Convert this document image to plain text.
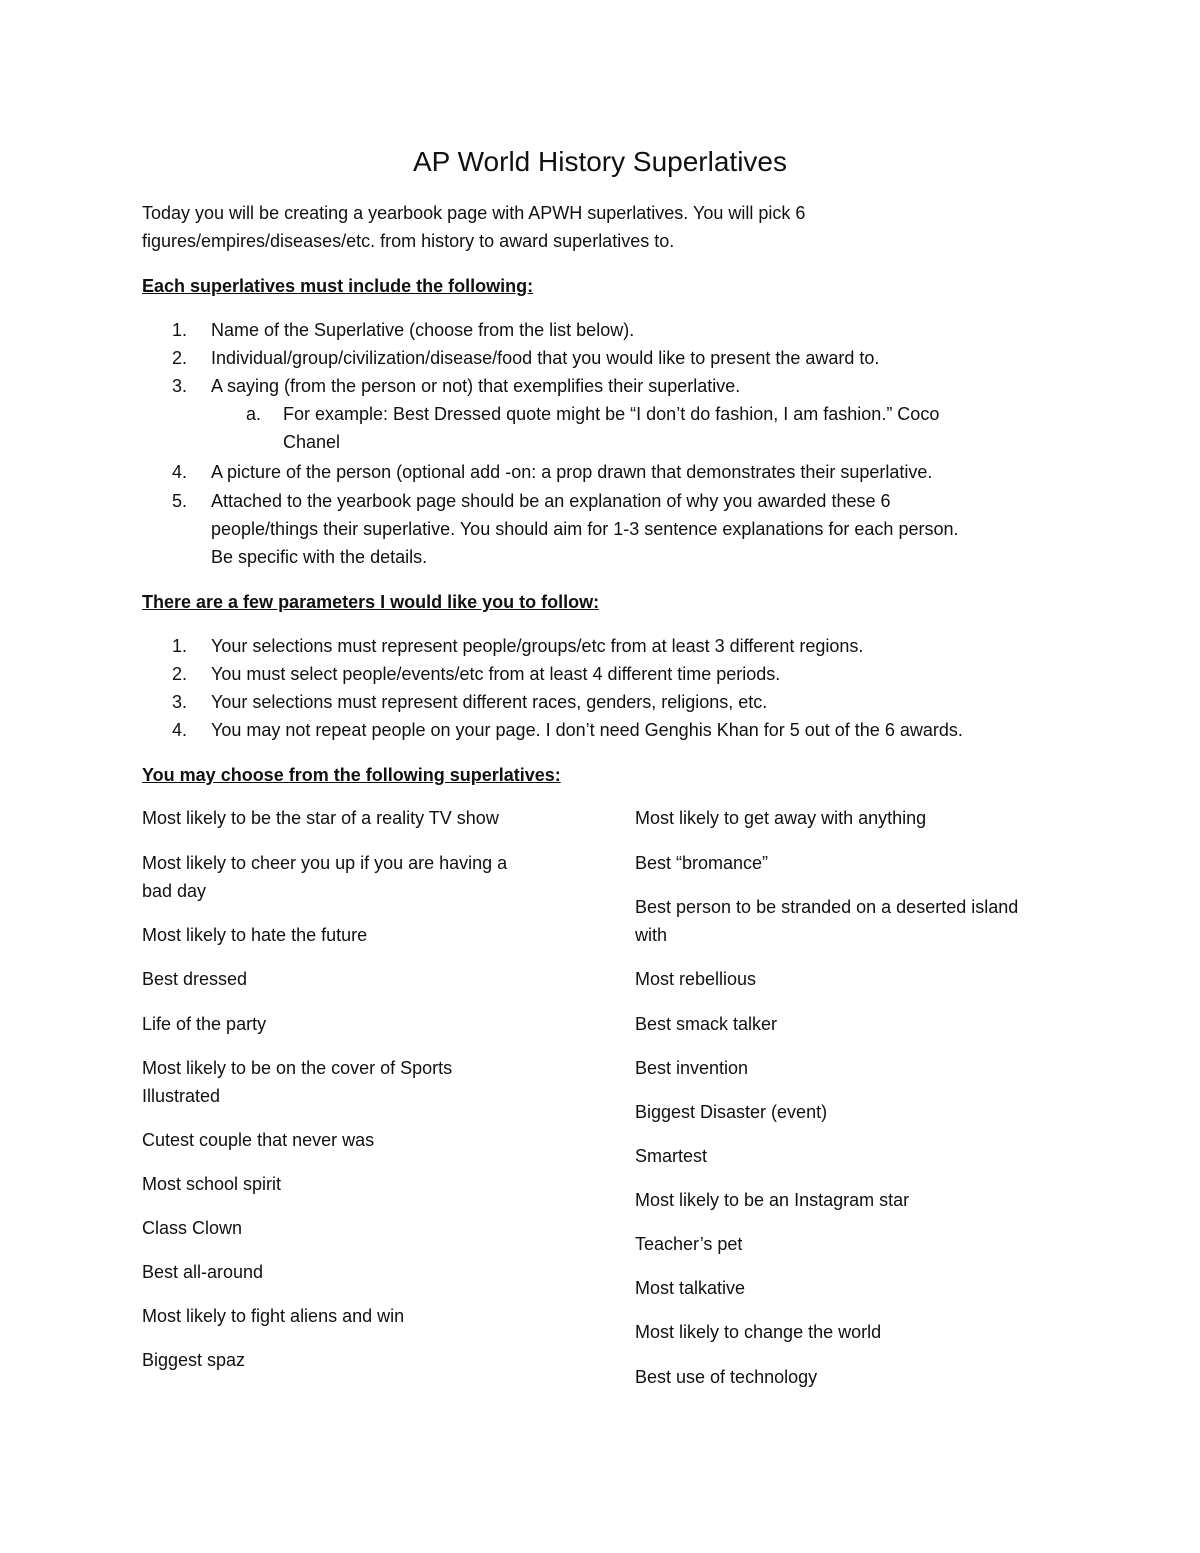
AP World History Superlatives
Today you will be creating a yearbook page with APWH superlatives. You will pick 6
figures/empires/diseases/etc. from history to award superlatives to.
Each superlatives must include the following:
1. Name of the Superlative (choose from the list below).
2. Individual/group/civilization/disease/food that you would like to present the award to.
3. A saying (from the person or not) that exemplifies their superlative.
a. For example: Best Dressed quote might be “I don’t do fashion, I am fashion.” Coco
Chanel
4. A picture of the person (optional add -on: a prop drawn that demonstrates their superlative.
5. Attached to the yearbook page should be an explanation of why you awarded these 6
people/things their superlative. You should aim for 1-3 sentence explanations for each person.
Be specific with the details.
There are a few parameters I would like you to follow:
1. Your selections must represent people/groups/etc from at least 3 different regions.
2. You must select people/events/etc from at least 4 different time periods.
3. Your selections must represent different races, genders, religions, etc.
4. You may not repeat people on your page. I don’t need Genghis Khan for 5 out of the 6 awards.
You may choose from the following superlatives:
Most likely to be the star of a reality TV show
Most likely to cheer you up if you are having a
bad day
Most likely to hate the future
Best dressed
Life of the party
Most likely to be on the cover of Sports
Illustrated
Cutest couple that never was
Most school spirit
Class Clown
Best all-around
Most likely to fight aliens and win
Biggest spaz
Most likely to get away with anything
Best “bromance”
Best person to be stranded on a deserted island
with
Most rebellious
Best smack talker
Best invention
Biggest Disaster (event)
Smartest
Most likely to be an Instagram star
Teacher’s pet
Most talkative
Most likely to change the world
Best use of technology
